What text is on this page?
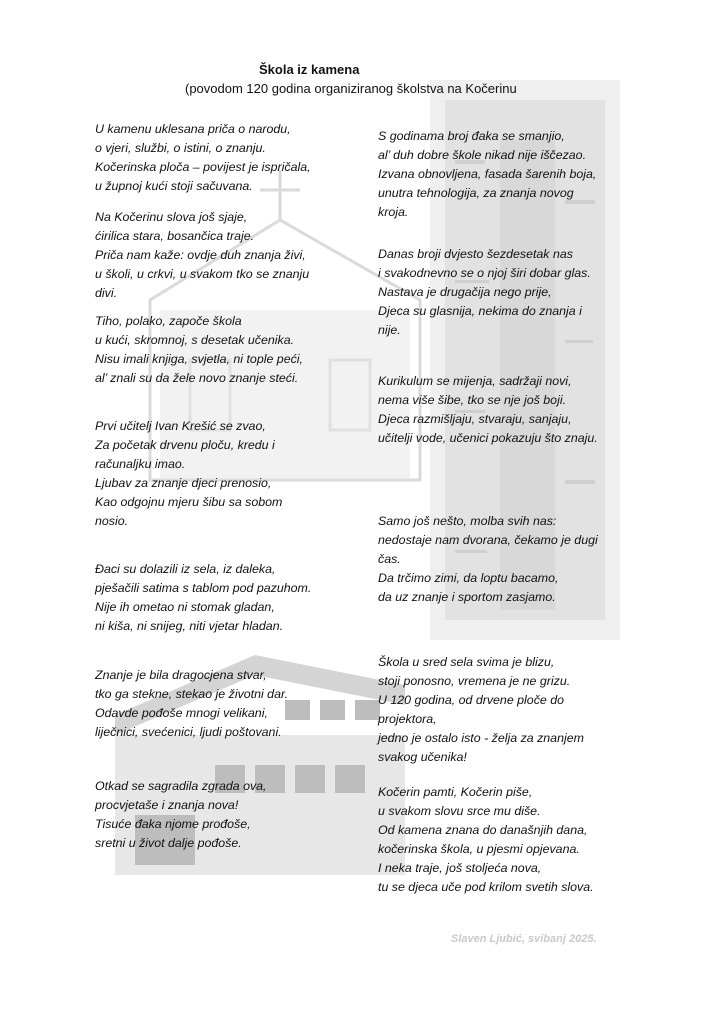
Škola iz kamena
(povodom 120 godina organiziranog školstva na Kočerinu
U kamenu uklesana priča o narodu,
o vjeri, službi, o istini, o znanju.
Kočerinska ploča – povijest je ispričala,
u župnoj kući stoji sačuvana.
Na Kočerinu slova još sjaje,
ćirilica stara, bosančica traje.
Priča nam kaže: ovdje duh znanja živi,
u školi, u crkvi, u svakom tko se znanju
divi.
Tiho, polako, započe škola
u kući, skromnoj, s desetak učenika.
Nisu imali knjiga, svjetla, ni tople peći,
al’ znali su da žele novo znanje steći.
Prvi učitelj Ivan Krešić se zvao,
Za početak drvenu ploču, kredu i
računaljku imao.
Ljubav za znanje djeci prenosio,
Kao odgojnu mjeru šibu sa sobom
nosio.
Đaci su dolazili iz sela, iz daleka,
pješačili satima s tablom pod pazuhom.
Nije ih ometao ni stomak gladan,
ni kiša, ni snijeg, niti vjetar hladan.
Znanje je bila dragocjena stvar,
tko ga stekne, stekao je životni dar.
Odavde pođoše mnogi velikani,
liječnici, svećenici, ljudi poštovani.
Otkad se sagradila zgrada ova,
procvjetaše i znanja nova!
Tisuće đaka njome prođoše,
sretni u život dalje pođoše.
S godinama broj đaka se smanjio,
al’ duh dobre škole nikad nije iščezao.
Izvana obnovljena, fasada šarenih boja,
unutra tehnologija, za znanja novog
kroja.
Danas broji dvjesto šezdesetak nas
i svakodnevno se o njoj širi dobar glas.
Nastava je drugačija nego prije,
Djeca su glasnija, nekima do znanja i
nije.
Kurikulum se mijenja, sadržaji novi,
nema više šibe, tko se nje još boji.
Djeca razmišljaju, stvaraju, sanjaju,
učitelji vode, učenici pokazuju što znaju.
Samo još nešto, molba svih nas:
nedostaje nam dvorana, čekamo je dugi
čas.
Da trčimo zimi, da loptu bacamo,
da uz znanje i sportom zasjamo.
Škola u sred sela svima je blizu,
stoji ponosno, vremena je ne grizu.
U 120 godina, od drvene ploče do
projektora,
jedno je ostalo isto - želja za znanjem
svakog učenika!
Kočerin pamti, Kočerin piše,
u svakom slovu srce mu diše.
Od kamena znana do današnjih dana,
kočerinska škola, u pjesmi opjevana.
I neka traje, još stoljeća nova,
tu se djeca uče pod krilom svetih slova.
Slaven Ljubić, svibanj 2025.
